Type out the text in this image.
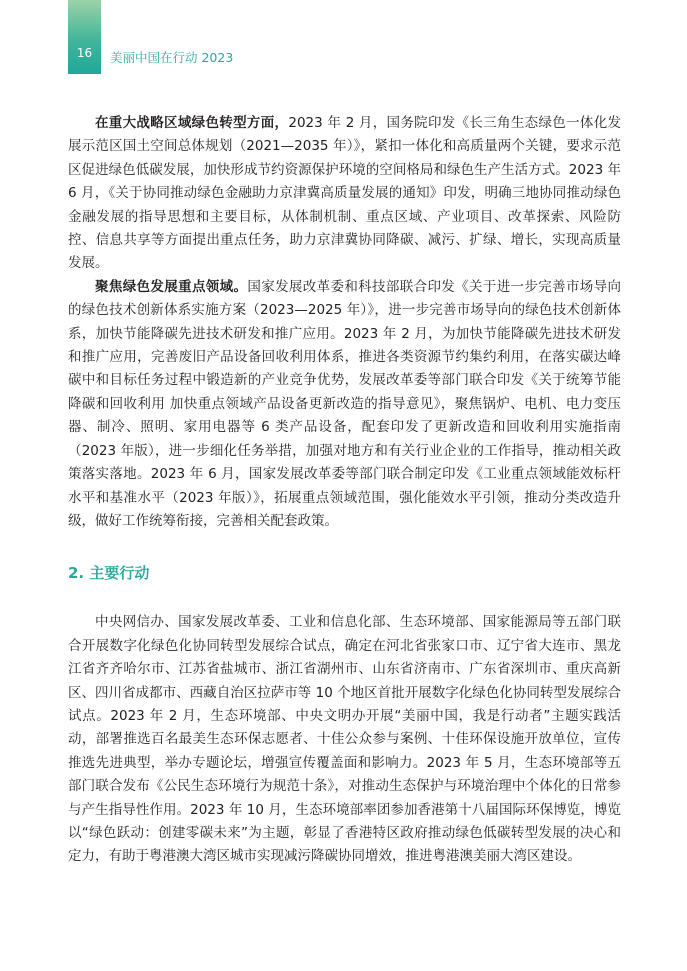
16	美丽中国在行动 2023

在重大战略区域绿色转型方面，2023 年 2 月，国务院印发《长三角生态绿色一体化发展示范区国土空间总体规划（2021—2035 年）》，紧扣一体化和高质量两个关键，要求示范区促进绿色低碳发展，加快形成节约资源保护环境的空间格局和绿色生产生活方式。2023 年 6 月，《关于协同推动绿色金融助力京津冀高质量发展的通知》印发，明确三地协同推动绿色金融发展的指导思想和主要目标，从体制机制、重点区域、产业项目、改革探索、风险防控、信息共享等方面提出重点任务，助力京津冀协同降碳、减污、扩绿、增长，实现高质量发展。

聚焦绿色发展重点领域。国家发展改革委和科技部联合印发《关于进一步完善市场导向的绿色技术创新体系实施方案（2023—2025 年）》，进一步完善市场导向的绿色技术创新体系，加快节能降碳先进技术研发和推广应用。2023 年 2 月，为加快节能降碳先进技术研发和推广应用，完善废旧产品设备回收利用体系，推进各类资源节约集约利用，在落实碳达峰碳中和目标任务过程中锻造新的产业竞争优势，发展改革委等部门联合印发《关于统筹节能降碳和回收利用 加快重点领域产品设备更新改造的指导意见》，聚焦锅炉、电机、电力变压器、制冷、照明、家用电器等 6 类产品设备，配套印发了更新改造和回收利用实施指南（2023 年版），进一步细化任务举措，加强对地方和有关行业企业的工作指导，推动相关政策落实落地。2023 年 6 月，国家发展改革委等部门联合制定印发《工业重点领域能效标杆水平和基准水平（2023 年版）》，拓展重点领域范围，强化能效水平引领，推动分类改造升级，做好工作统筹衔接，完善相关配套政策。

2. 主要行动

中央网信办、国家发展改革委、工业和信息化部、生态环境部、国家能源局等五部门联合开展数字化绿色化协同转型发展综合试点，确定在河北省张家口市、辽宁省大连市、黑龙江省齐齐哈尔市、江苏省盐城市、浙江省湖州市、山东省济南市、广东省深圳市、重庆高新区、四川省成都市、西藏自治区拉萨市等 10 个地区首批开展数字化绿色化协同转型发展综合试点。2023 年 2 月，生态环境部、中央文明办开展“美丽中国，我是行动者”主题实践活动，部署推选百名最美生态环保志愿者、十佳公众参与案例、十佳环保设施开放单位，宣传推选先进典型，举办专题论坛，增强宣传覆盖面和影响力。2023 年 5 月，生态环境部等五部门联合发布《公民生态环境行为规范十条》，对推动生态保护与环境治理中个体化的日常参与产生指导性作用。2023 年 10 月，生态环境部率团参加香港第十八届国际环保博览，博览以“绿色跃动：创建零碳未来”为主题，彰显了香港特区政府推动绿色低碳转型发展的决心和定力，有助于粤港澳大湾区城市实现减污降碳协同增效，推进粤港澳美丽大湾区建设。
